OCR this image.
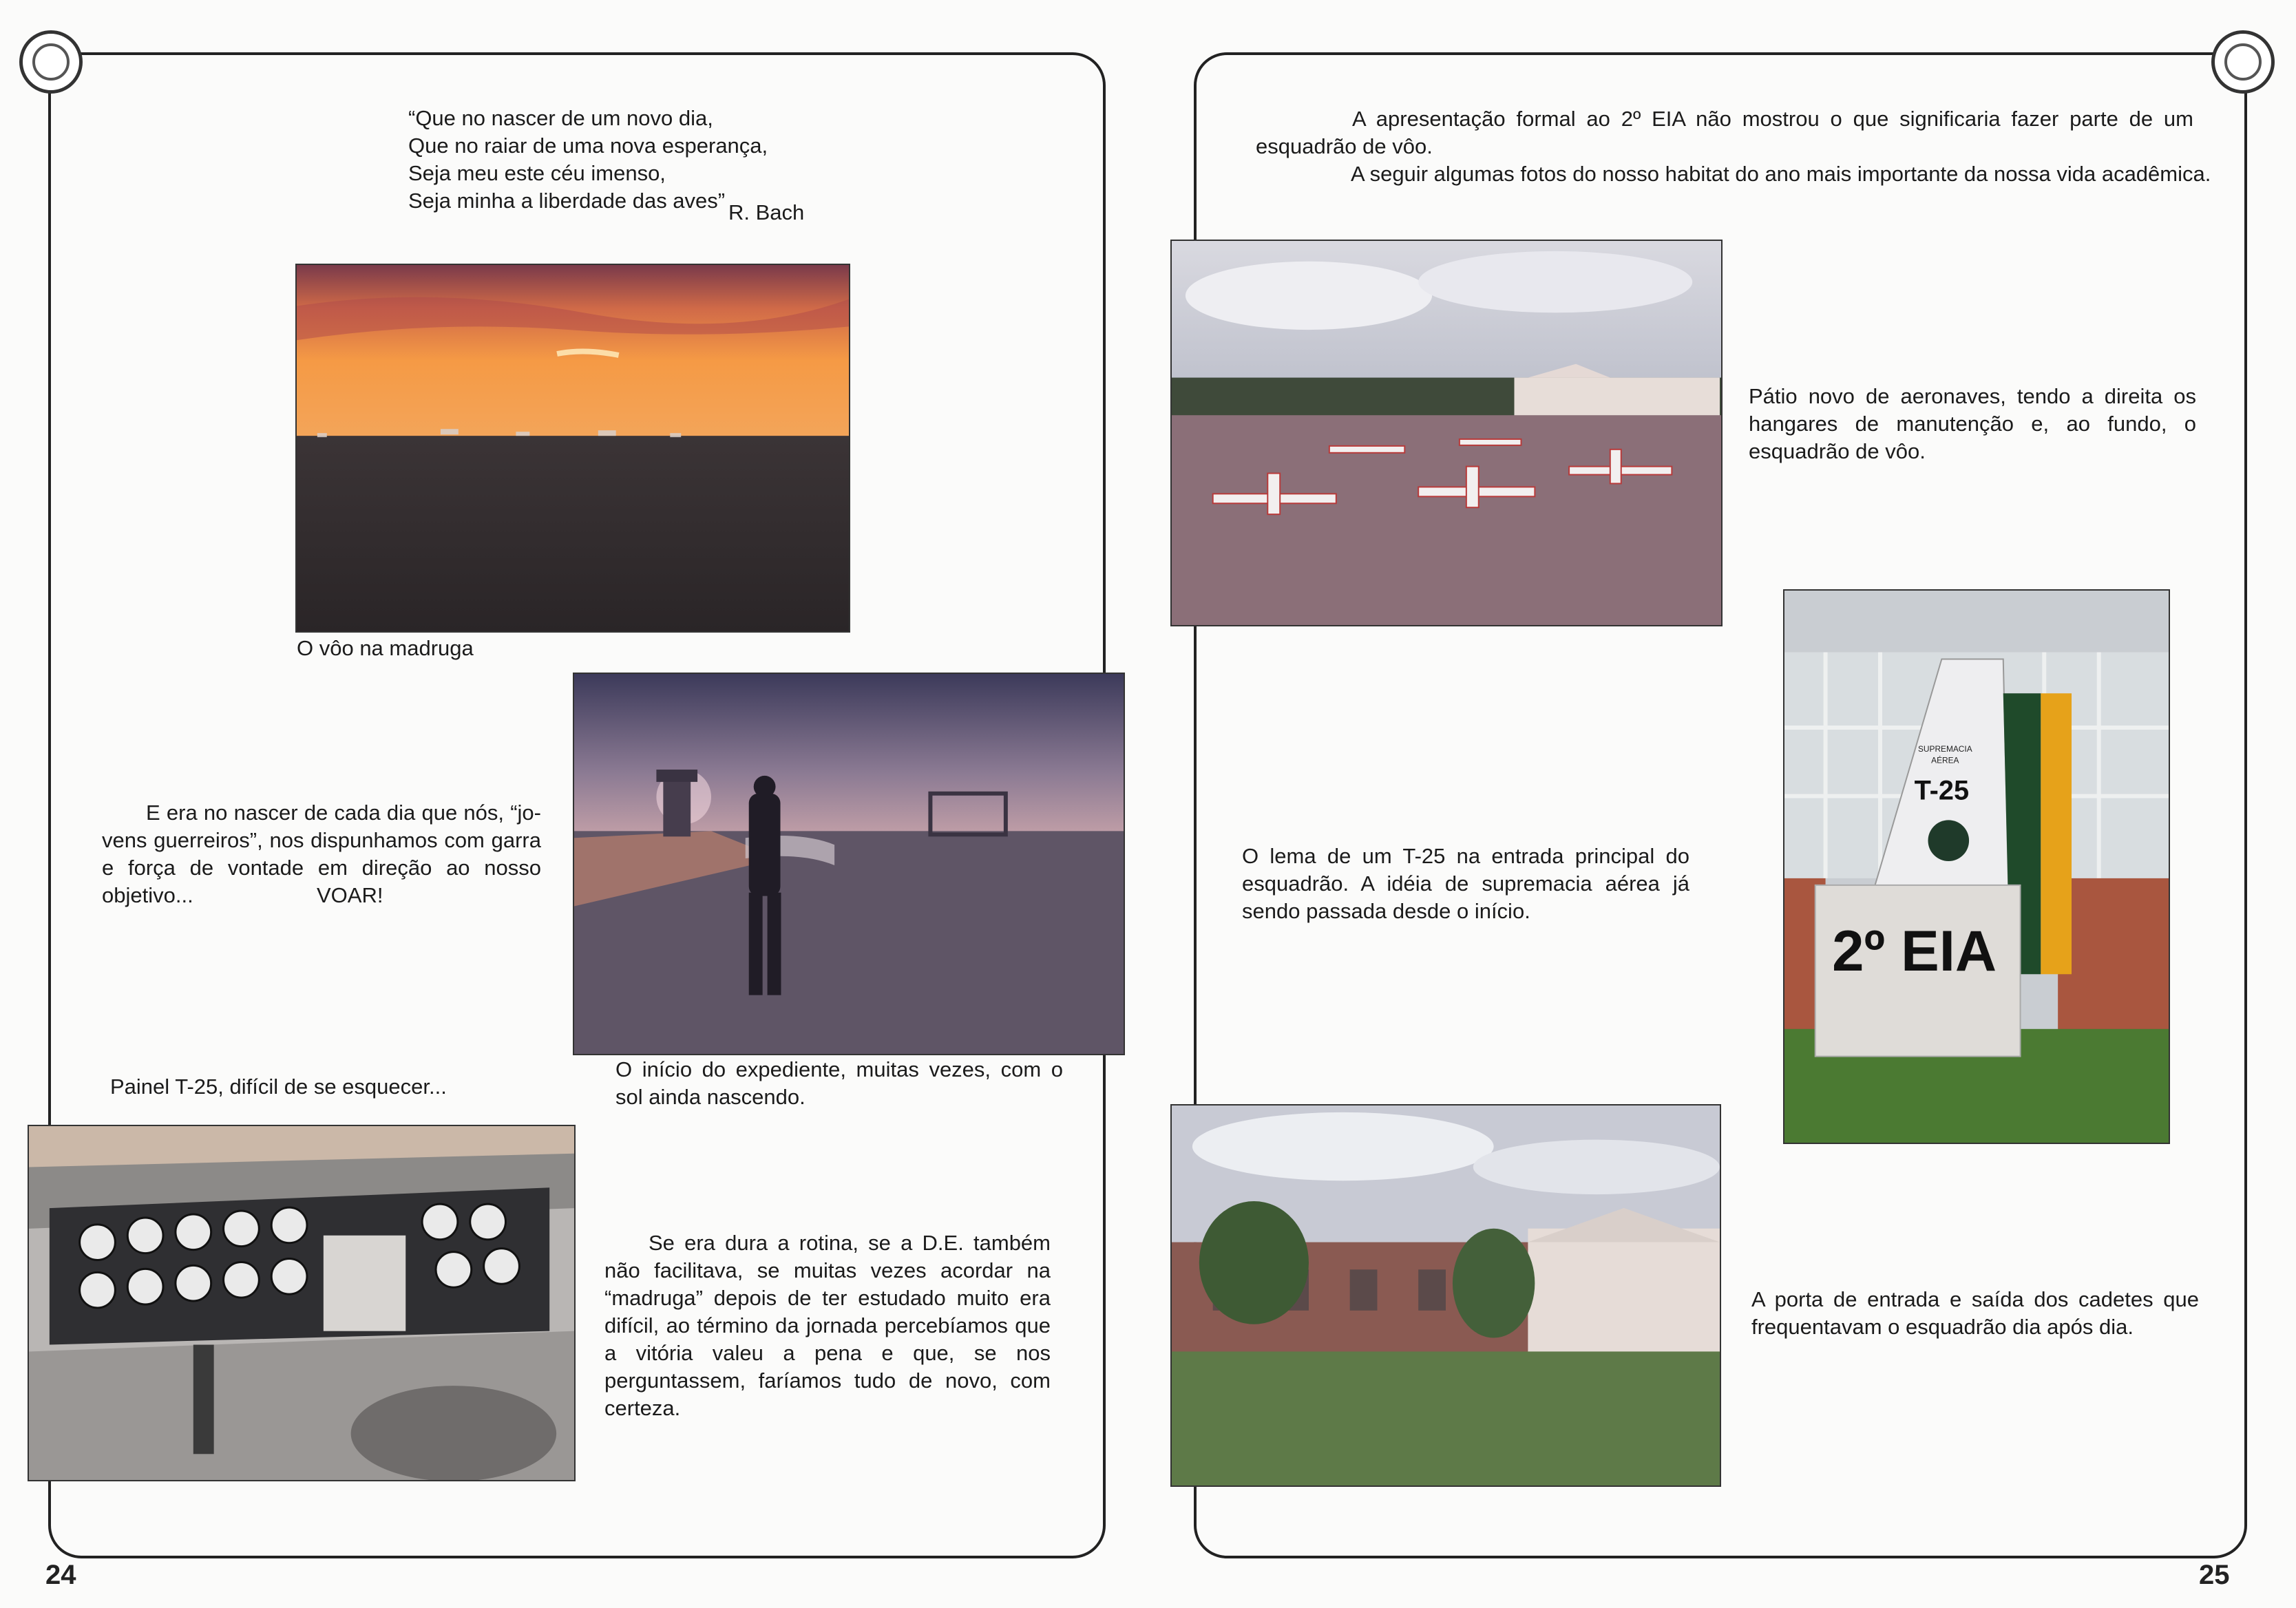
“Que no nascer de um novo dia,
Que no raiar de uma nova esperança,
Seja meu este céu imenso,
Seja minha a liberdade das aves” R. Bach
O vôo na madruga
E era no nascer de cada dia que nós, “jo-vens guerreiros”, nos dispunhamos com garra e força de vontade em direção ao nosso objetivo...	VOAR!
O início do expediente, muitas vezes, com o sol ainda nascendo.
Painel T-25, difícil de se esquecer...
Se era dura a rotina, se a D.E. também não facilitava, se muitas vezes acordar na “madruga” depois de ter estudado muito era difícil, ao término da jornada percebíamos que a vitória valeu a pena e que, se nos perguntassem, faríamos tudo de novo, com certeza.
24
A apresentação formal ao 2º EIA não mostrou o que significaria fazer parte de um esquadrão de vôo.
A seguir algumas fotos do nosso habitat do ano mais importante da nossa vida acadêmica.
Pátio novo de aeronaves, tendo a direita os hangares de manutenção e, ao fundo, o esquadrão de vôo.
SUPREMACIA
AÉREA
T-25
2º EIA
O lema de um T-25 na entrada principal do esquadrão. A idéia de supremacia aérea já sendo passada desde o início.
A porta de entrada e saída dos cadetes que frequentavam o esquadrão dia após dia.
25
